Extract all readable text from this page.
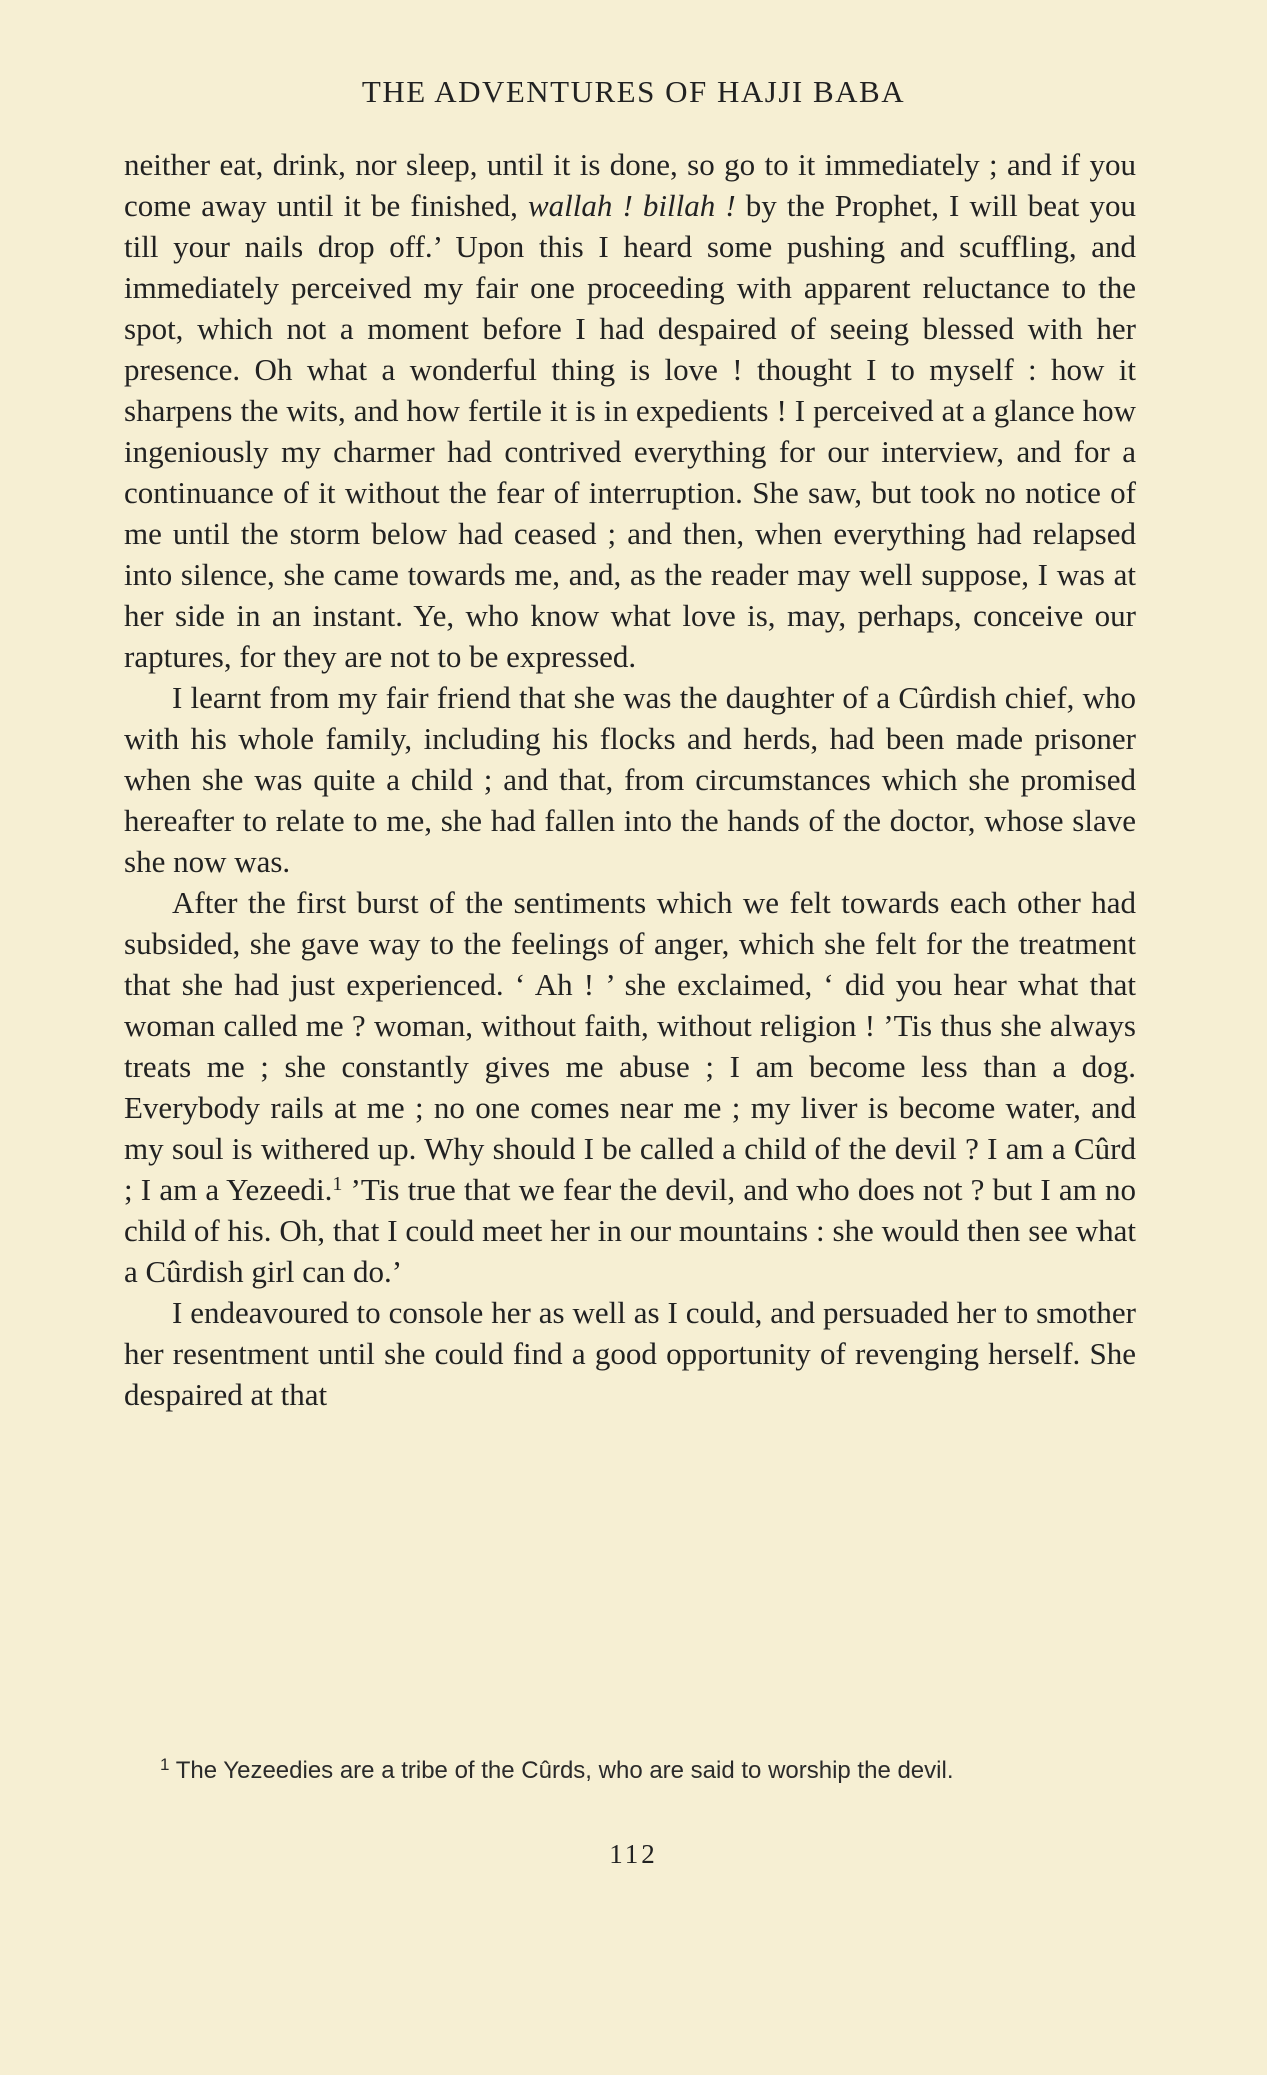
THE ADVENTURES OF HAJJI BABA

neither eat, drink, nor sleep, until it is done, so go to it immediately ; and if you come away until it be finished, wallah ! billah ! by the Prophet, I will beat you till your nails drop off.’ Upon this I heard some pushing and scuffling, and immediately perceived my fair one proceeding with apparent reluctance to the spot, which not a moment before I had despaired of seeing blessed with her presence. Oh what a wonderful thing is love ! thought I to myself : how it sharpens the wits, and how fertile it is in expedients ! I perceived at a glance how ingeniously my charmer had contrived everything for our interview, and for a continuance of it without the fear of interruption. She saw, but took no notice of me until the storm below had ceased ; and then, when everything had relapsed into silence, she came towards me, and, as the reader may well suppose, I was at her side in an instant. Ye, who know what love is, may, perhaps, conceive our raptures, for they are not to be expressed.

I learnt from my fair friend that she was the daughter of a Cûrdish chief, who with his whole family, including his flocks and herds, had been made prisoner when she was quite a child ; and that, from circumstances which she promised hereafter to relate to me, she had fallen into the hands of the doctor, whose slave she now was.

After the first burst of the sentiments which we felt towards each other had subsided, she gave way to the feelings of anger, which she felt for the treatment that she had just experienced. ‘ Ah ! ’ she exclaimed, ‘ did you hear what that woman called me ? woman, without faith, without religion ! ’Tis thus she always treats me ; she constantly gives me abuse ; I am become less than a dog. Everybody rails at me ; no one comes near me ; my liver is become water, and my soul is withered up. Why should I be called a child of the devil ? I am a Cûrd ; I am a Yezeedi.$^1$ ’Tis true that we fear the devil, and who does not ? but I am no child of his. Oh, that I could meet her in our mountains : she would then see what a Cûrdish girl can do.’

I endeavoured to console her as well as I could, and persuaded her to smother her resentment until she could find a good opportunity of revenging herself. She despaired at that

$^1$ The Yezeedies are a tribe of the Cûrds, who are said to worship the devil.
112
